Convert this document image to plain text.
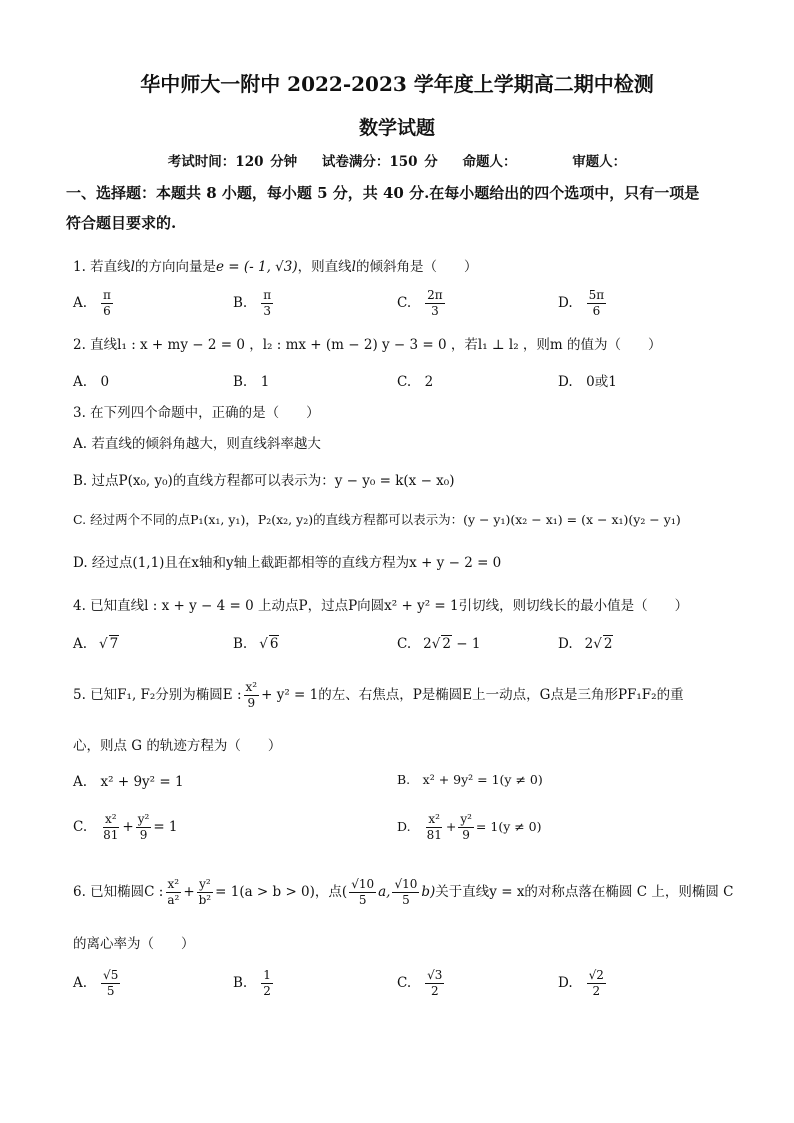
华中师大一附中 2022-2023 学年度上学期高二期中检测
数学试题
考试时间：120 分钟 试卷满分：150 分 命题人：	审题人：
一、选择题：本题共 8 小题，每小题 5 分，共 40 分.在每小题给出的四个选项中，只有一项是
符合题目要求的.
1. 若直线l的方向向量是e = (- 1, √3)，则直线l的倾斜角是（　　）
A. $\frac{\pi}{6}$	B. $\frac{\pi}{3}$	C. $\frac{2\pi}{3}$	D. $\frac{5\pi}{6}$
2. 直线l₁ : x + my − 2 = 0 ，l₂ : mx + (m − 2) y − 3 = 0 ，若l₁ ⊥ l₂ ，则m 的值为（　　）
A.　0	B.　1	C.　2	D.　0或1
3. 在下列四个命题中，正确的是（　　）
A. 若直线的倾斜角越大，则直线斜率越大
B. 过点P(x₀, y₀)的直线方程都可以表示为：y − y₀ = k(x − x₀)
C. 经过两个不同的点P₁(x₁, y₁)，P₂(x₂, y₂)的直线方程都可以表示为：(y − y₁)(x₂ − x₁) = (x − x₁)(y₂ − y₁)
D. 经过点(1,1)且在x轴和y轴上截距都相等的直线方程为x + y − 2 = 0
4. 已知直线l : x + y − 4 = 0 上动点P，过点P向圆x² + y² = 1引切线，则切线长的最小值是（　　）
A. √ 7	B. √ 6	C. 2√ 2 − 1	D. 2√ 2
5. 已知F₁, F₂分别为椭圆E : $\frac{\text{x²}}{9} + y^2 = 1$的左、右焦点，P是椭圆E上一动点，G点是三角形PF₁F₂的重
心，则点 G 的轨迹方程为（　　）
A.　x² + 9y² = 1	B.　x² + 9y² = 1(y ≠ 0)
C. $\frac{\text{x²}}{81} + \frac{\text{y²}}{9} = 1$	D. $\frac{\text{x²}}{81} + \frac{\text{y²}}{9} = 1(y \ne 0)$
6. 已知椭圆C : $\frac{\text{x²}}{\text{a²}} + \frac{\text{y²}}{\text{b²}} = 1(a > b > 0)$，点( $\frac{√10}{5} a$, $\frac{√10}{5} b$)关于直线y = x的对称点落在椭圆 C 上，则椭圆 C
的离心率为（　　）
A. $\frac{√5}{5}$	B. $\frac{1}{2}$	C. $\frac{√3}{2}$	D. $\frac{√2}{2}$
